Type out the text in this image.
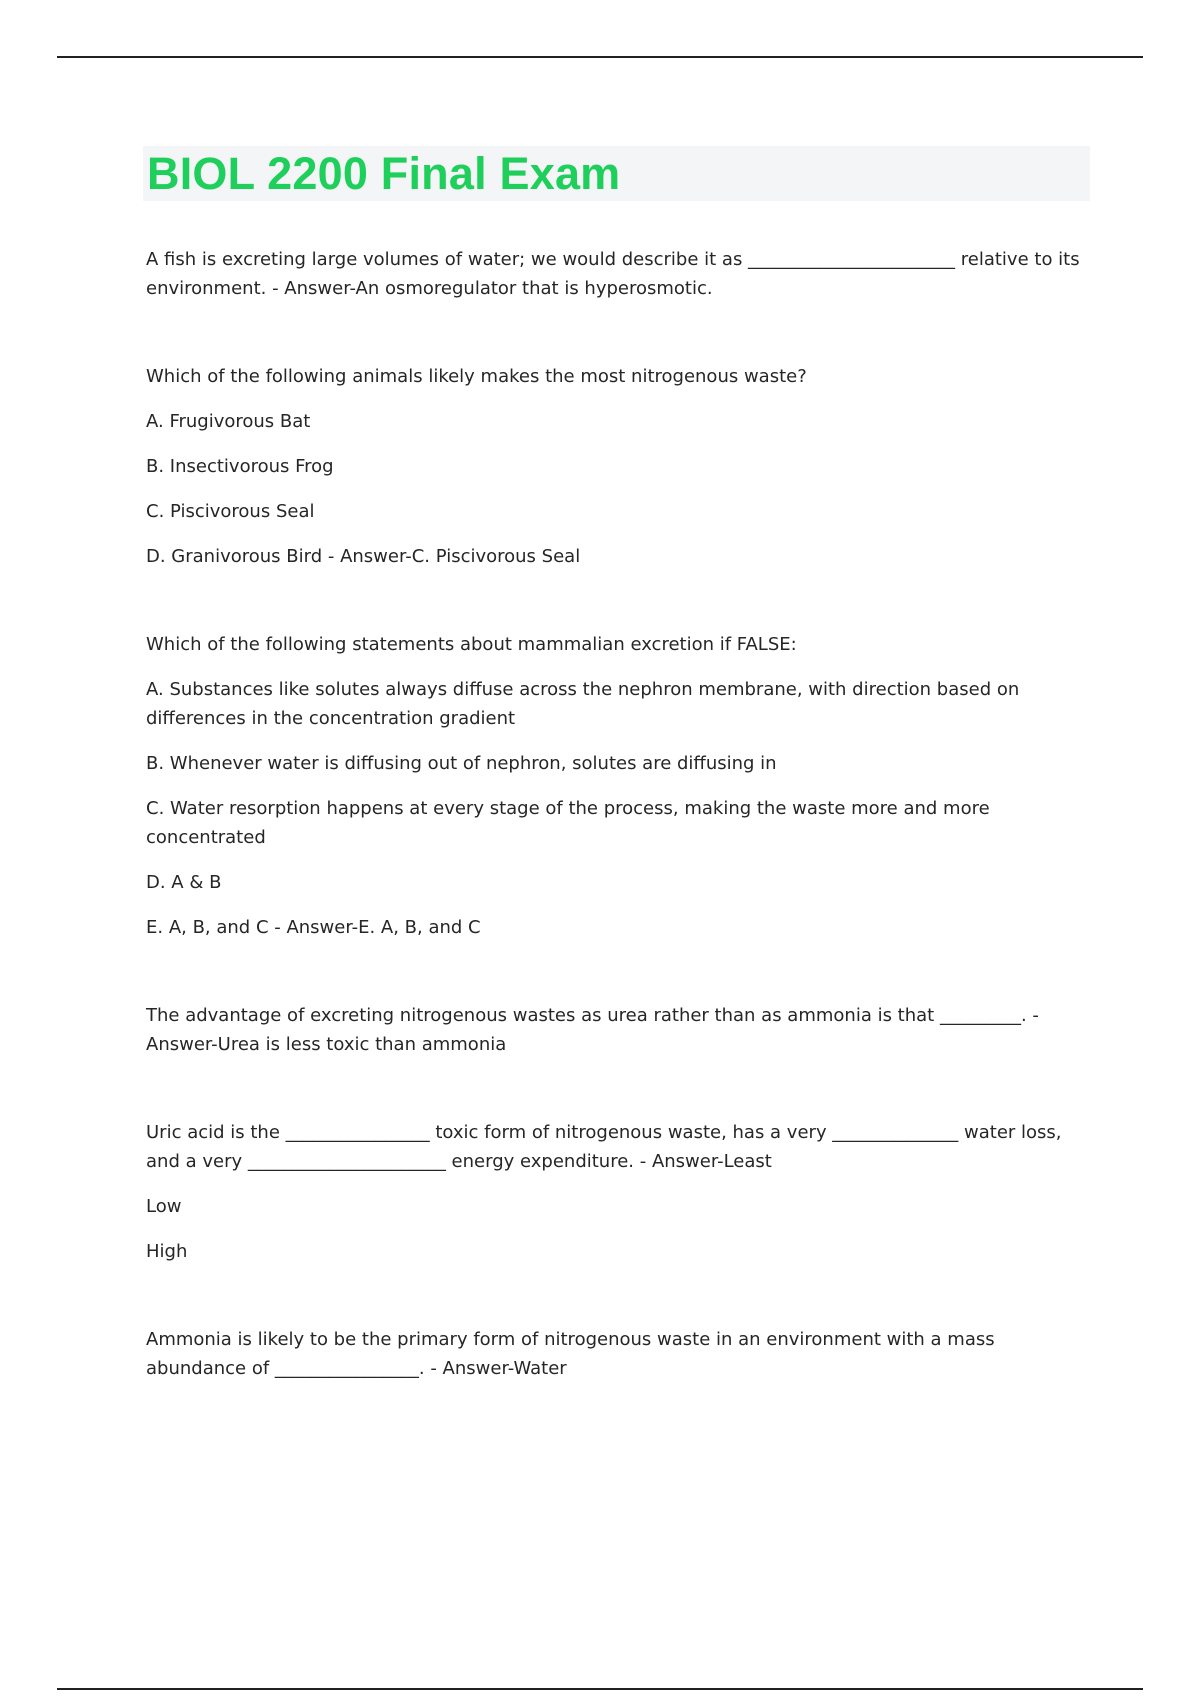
BIOL 2200 Final Exam

A fish is excreting large volumes of water; we would describe it as _______________________ relative to its environment. - Answer-An osmoregulator that is hyperosmotic.

Which of the following animals likely makes the most nitrogenous waste?

A. Frugivorous Bat

B. Insectivorous Frog

C. Piscivorous Seal

D. Granivorous Bird - Answer-C. Piscivorous Seal

Which of the following statements about mammalian excretion if FALSE:

A. Substances like solutes always diffuse across the nephron membrane, with direction based on differences in the concentration gradient

B. Whenever water is diffusing out of nephron, solutes are diffusing in

C. Water resorption happens at every stage of the process, making the waste more and more concentrated

D. A & B

E. A, B, and C - Answer-E. A, B, and C

The advantage of excreting nitrogenous wastes as urea rather than as ammonia is that _________. - Answer-Urea is less toxic than ammonia

Uric acid is the ________________ toxic form of nitrogenous waste, has a very ______________ water loss, and a very ______________________ energy expenditure. - Answer-Least

Low

High

Ammonia is likely to be the primary form of nitrogenous waste in an environment with a mass abundance of ________________. - Answer-Water
